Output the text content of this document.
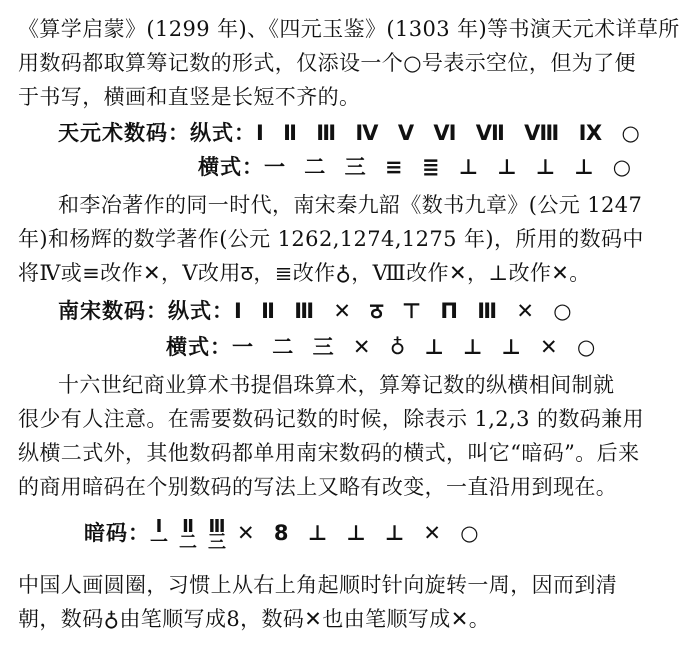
《算学启蒙》(1299 年)、《四元玉鉴》(1303 年)等书演天元术详草所
用数码都取算筹记数的形式，仅添设一个○号表示空位，但为了便
于书写，横画和直竖是长短不齐的。
天元术数码：纵式：Ⅰ Ⅱ Ⅲ Ⅳ Ⅴ Ⅵ Ⅶ Ⅷ Ⅸ ○
横式：一 二 三 ≡ ≣ ⊥ ⊥ ⊥ ⊥ ○
和李冶著作的同一时代，南宋秦九韶《数书九章》(公元 1247
年)和杨辉的数学著作(公元 1262,1274,1275 年)，所用的数码中
将Ⅳ或≡改作✕，Ⅴ改用ठ，≣改作♁，Ⅷ改作✕，⊥改作✕。
南宋数码：纵式：Ⅰ Ⅱ Ⅲ ✕ ठ ⊤ Π Ⅲ ✕ ○
横式：一 二 三 ✕ ♁ ⊥ ⊥ ⊥ ✕ ○
十六世纪商业算术书提倡珠算术，算筹记数的纵横相间制就
很少有人注意。在需要数码记数的时候，除表示 1,2,3 的数码兼用
纵横二式外，其他数码都单用南宋数码的横式，叫它“暗码”。后来
的商用暗码在个别数码的写法上又略有改变，一直沿用到现在。
暗码： Ⅰ
一
Ⅱ
二
Ⅲ
三 ✕ 8 ⊥ ⊥ ⊥ ✕ ○
中国人画圆圈，习惯上从右上角起顺时针向旋转一周，因而到清
朝，数码♁由笔顺写成8，数码✕也由笔顺写成✕。
